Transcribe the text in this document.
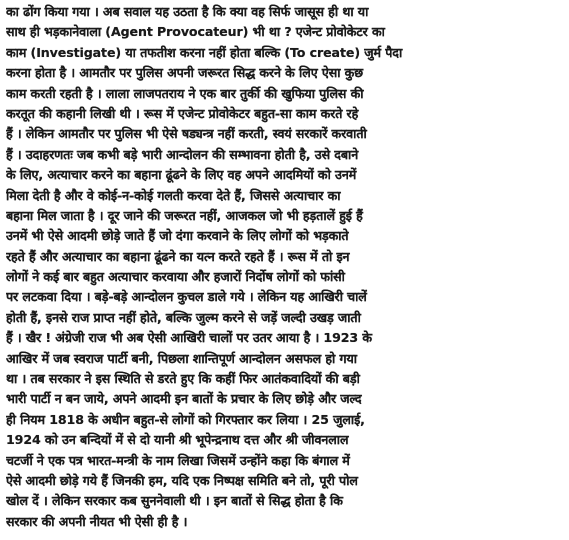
का ढोंग किया गया । अब सवाल यह उठता है कि क्या वह सिर्फ जासूस ही था या
साथ ही भड़कानेवाला (Agent Provocateur) भी था ? एजेन्ट प्रोवोकेटर का
काम (Investigate) या तफतीश करना नहीं होता बल्कि (To create) जुर्म पैदा
करना होता है । आमतौर पर पुलिस अपनी जरूरत सिद्ध करने के लिए ऐसा कुछ
काम करती रहती है । लाला लाजपतराय ने एक बार तुर्की की खुफिया पुलिस की
करतूत की कहानी लिखी थी । रूस में एजेन्ट प्रोवोकेटर बहुत-सा काम करते रहे
हैं । लेकिन आमतौर पर पुलिस भी ऐसे षड्यन्त्र नहीं करती, स्वयं सरकारें करवाती
हैं । उदाहरणतः जब कभी बड़े भारी आन्दोलन की सम्भावना होती है, उसे दबाने
के लिए, अत्याचार करने का बहाना ढूंढने के लिए वह अपने आदमियों को उनमें
मिला देती है और वे कोई-न-कोई गलती करवा देते हैं, जिससे अत्याचार का
बहाना मिल जाता है । दूर जाने की जरूरत नहीं, आजकल जो भी हड़तालें हुई हैं
उनमें भी ऐसे आदमी छोड़े जाते हैं जो दंगा करवाने के लिए लोगों को भड़काते
रहते हैं और अत्याचार का बहाना ढूंढने का यत्न करते रहते हैं । रूस में तो इन
लोगों ने कई बार बहुत अत्याचार करवाया और हजारों निर्दोष लोगों को फांसी
पर लटकवा दिया । बड़े-बड़े आन्दोलन कुचल डाले गये । लेकिन यह आखिरी चालें
होती हैं, इनसे राज प्राप्त नहीं होते, बल्कि जुल्म करने से जड़ें जल्दी उखड़ जाती
हैं । खैर ! अंग्रेजी राज भी अब ऐसी आखिरी चालों पर उतर आया है । 1923 के
आखिर में जब स्वराज पार्टी बनी, पिछला शान्तिपूर्ण आन्दोलन असफल हो गया
था । तब सरकार ने इस स्थिति से डरते हुए कि कहीं फिर आतंकवादियों की बड़ी
भारी पार्टी न बन जाये, अपने आदमी इन बातों के प्रचार के लिए छोड़े और जल्द
ही नियम 1818 के अधीन बहुत-से लोगों को गिरफ्तार कर लिया । 25 जुलाई,
1924 को उन बन्दियों में से दो यानी श्री भूपेन्द्रनाथ दत्त और श्री जीवनलाल
चटर्जी ने एक पत्र भारत-मन्त्री के नाम लिखा जिसमें उन्होंने कहा कि बंगाल में
ऐसे आदमी छोड़े गये हैं जिनकी हम, यदि एक निष्पक्ष समिति बने तो, पूरी पोल
खोल दें । लेकिन सरकार कब सुननेवाली थी । इन बातों से सिद्ध होता है कि
सरकार की अपनी नीयत भी ऐसी ही है ।
